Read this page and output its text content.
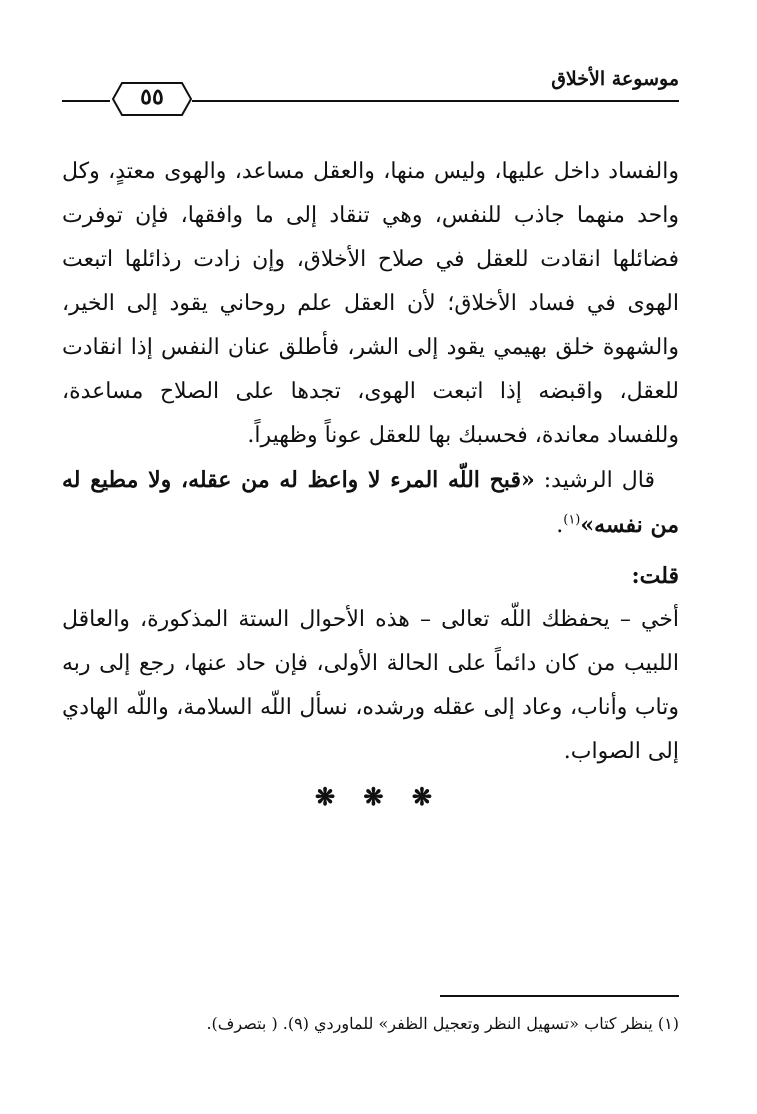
موسوعة الأخلاق
٥٥

والفساد داخل عليها، وليس منها، والعقل مساعد، والهوى معتدٍ، وكل واحد منهما جاذب للنفس، وهي تنقاد إلى ما وافقها، فإن توفرت فضائلها انقادت للعقل في صلاح الأخلاق، وإن زادت رذائلها اتبعت الهوى في فساد الأخلاق؛ لأن العقل علم روحاني يقود إلى الخير، والشهوة خلق بهيمي يقود إلى الشر، فأطلق عنان النفس إذا انقادت للعقل، واقبضه إذا اتبعت الهوى، تجدها على الصلاح مساعدة، وللفساد معاندة، فحسبك بها للعقل عوناً وظهيراً.

قال الرشيد: «قبح اللّه المرء لا واعظ له من عقله، ولا مطيع له من نفسه»$^{(١)}$.

قلت:

أخي – يحفظك اللّه تعالى – هذه الأحوال الستة المذكورة، والعاقل اللبيب من كان دائماً على الحالة الأولى، فإن حاد عنها، رجع إلى ربه وتاب وأناب، وعاد إلى عقله ورشده، نسأل اللّه السلامة، واللّه الهادي إلى الصواب.

❋ ❋ ❋
(١) ينظر كتاب «تسهيل النظر وتعجيل الظفر» للماوردي (٩). ( بتصرف).
